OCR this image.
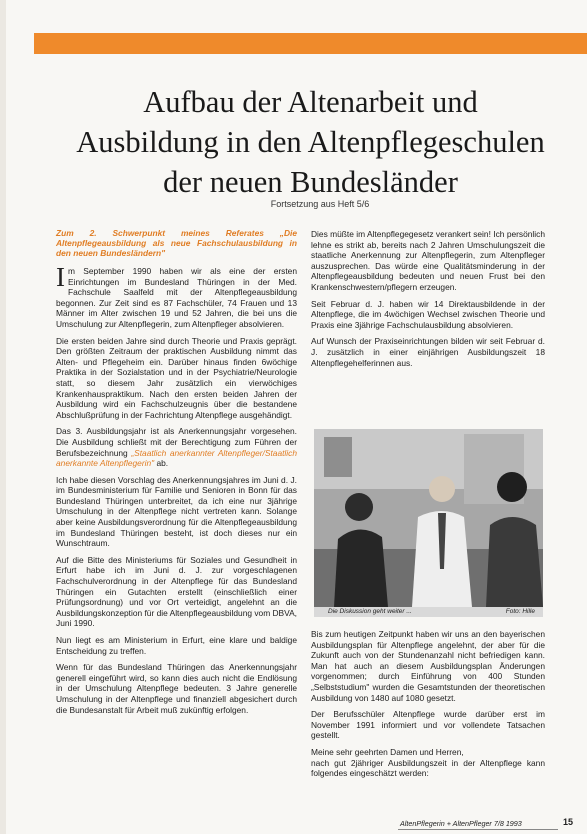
Aufbau der Altenarbeit und
Ausbildung in den Altenpflegeschulen
der neuen Bundesländer
Fortsetzung aus Heft 5/6

Zum 2. Schwerpunkt meines Referates „Die Altenpflegeausbildung als neue Fachschulausbildung in den neuen Bundesländern"

Im September 1990 haben wir als eine der ersten Einrichtungen im Bundesland Thüringen in der Med. Fachschule Saalfeld mit der Altenpflegeausbildung begonnen. Zur Zeit sind es 87 Fachschüler, 74 Frauen und 13 Männer im Alter zwischen 19 und 52 Jahren, die bei uns die Umschulung zur Altenpflegerin, zum Altenpfleger absolvieren.

Die ersten beiden Jahre sind durch Theorie und Praxis geprägt. Den größten Zeitraum der praktischen Ausbildung nimmt das Alten- und Pflegeheim ein. Darüber hinaus finden 6wöchige Praktika in der Sozialstation und in der Psychiatrie/Neurologie statt, so diesem Jahr zusätzlich ein vierwöchiges Krankenhauspraktikum. Nach den ersten beiden Jahren der Ausbildung wird ein Fachschulzeugnis über die bestandene Abschlußprüfung in der Fachrichtung Altenpflege ausgehändigt.

Das 3. Ausbildungsjahr ist als Anerkennungsjahr vorgesehen. Die Ausbildung schließt mit der Berechtigung zum Führen der Berufsbezeichnung „Staatlich anerkannter Altenpfleger/Staatlich anerkannte Altenpflegerin" ab.

Ich habe diesen Vorschlag des Anerkennungsjahres im Juni d. J. im Bundesministerium für Familie und Senioren in Bonn für das Bundesland Thüringen unterbreitet, da ich eine nur 3jährige Umschulung in der Altenpflege nicht vertreten kann. Solange aber keine Ausbildungsverordnung für die Altenpflegeausbildung im Bundesland Thüringen besteht, ist doch dieses nur ein Wunschtraum.

Auf die Bitte des Ministeriums für Soziales und Gesundheit in Erfurt habe ich im Juni d. J. zur vorgeschlagenen Fachschulverordnung in der Altenpflege für das Bundesland Thüringen ein Gutachten erstellt (einschließlich einer Prüfungsordnung) und vor Ort verteidigt, angelehnt an die Ausbildungskonzeption für die Altenpflegeausbildung vom DBVA, Juni 1990.

Nun liegt es am Ministerium in Erfurt, eine klare und baldige Entscheidung zu treffen.

Wenn für das Bundesland Thüringen das Anerkennungsjahr generell eingeführt wird, so kann dies auch nicht die Endlösung in der Umschulung Altenpflege bedeuten. 3 Jahre generelle Umschulung in der Altenpflege und finanziell abgesichert durch die Bundesanstalt für Arbeit muß zukünftig erfolgen.

Dies müßte im Altenpflegegesetz verankert sein! Ich persönlich lehne es strikt ab, bereits nach 2 Jahren Umschulungszeit die staatliche Anerkennung zur Altenpflegerin, zum Altenpfleger auszusprechen. Das würde eine Qualitätsminderung in der Altenpflegeausbildung bedeuten und neuen Frust bei den Krankenschwestern/pflegern erzeugen.

Seit Februar d. J. haben wir 14 Direktausbildende in der Altenpflege, die im 4wöchigen Wechsel zwischen Theorie und Praxis eine 3jährige Fachschulausbildung absolvieren.

Auf Wunsch der Praxiseinrichtungen bilden wir seit Februar d. J. zusätzlich in einer einjährigen Ausbildungszeit 18 Altenpflegehelferinnen aus.

Die Diskussion geht weiter ...	Foto: Hille

Bis zum heutigen Zeitpunkt haben wir uns an den bayerischen Ausbildungsplan für Altenpflege angelehnt, der aber für die Zukunft auch von der Stundenanzahl nicht befriedigen kann. Man hat auch an diesem Ausbildungsplan Änderungen vorgenommen; durch Einführung von 400 Stunden „Selbststudium" wurden die Gesamtstunden der theoretischen Ausbildung von 1480 auf 1080 gesetzt.

Der Berufsschüler Altenpflege wurde darüber erst im November 1991 informiert und vor vollendete Tatsachen gestellt.

Meine sehr geehrten Damen und Herren,
nach gut 2jähriger Ausbildungszeit in der Altenpflege kann folgendes eingeschätzt werden:

AltenPflegerin + AltenPfleger 7/8 1993	15
